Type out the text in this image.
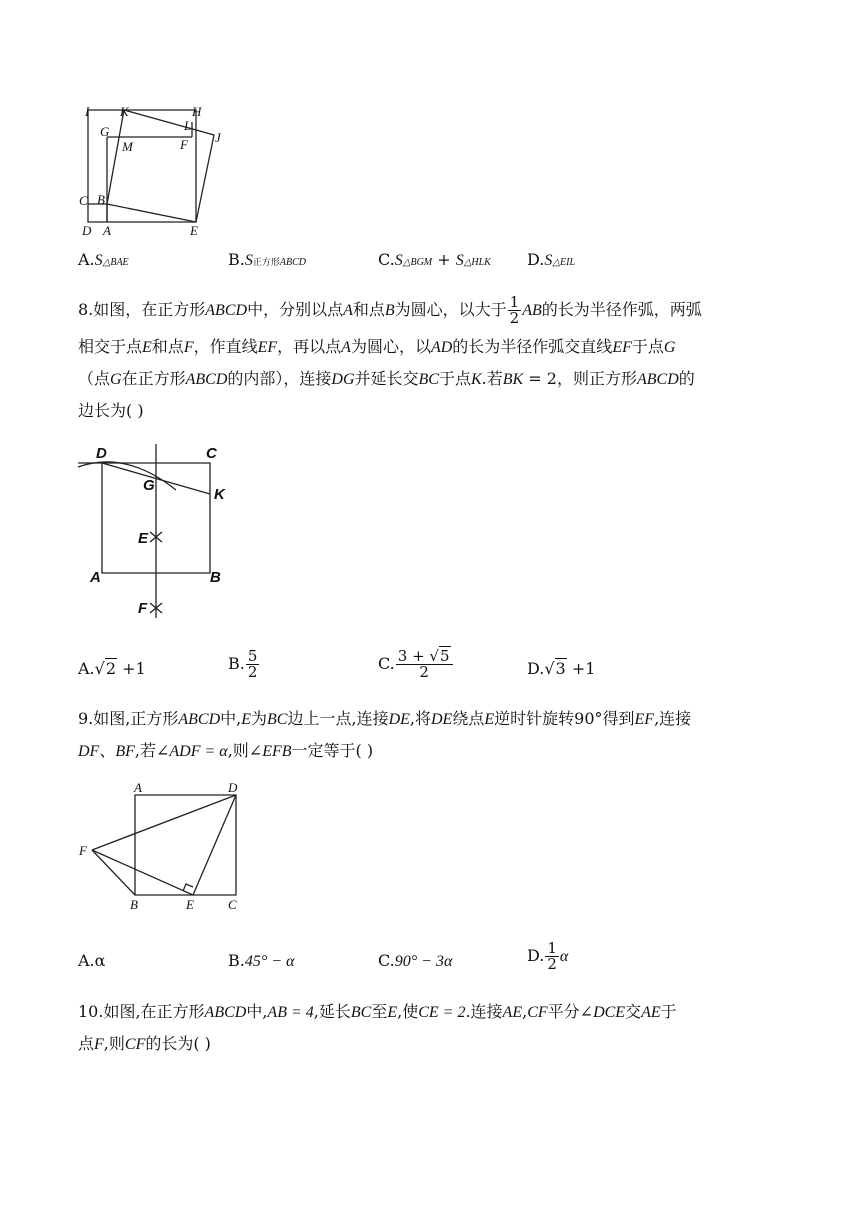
I K	H
G	L
J
M	F
C B
D A	E
A.S△BAE	B.S正方形ABCD	C.S△BGM + S△HLK D.S△EIL
8.如图，在正方形ABCD中，分别以点A和点B为圆心，以大于 $\frac{1}{2}$ AB的长为半径作弧，两弧
相交于点E和点F，作直线EF，再以点A为圆心，以AD的长为半径作弧交直线EF于点G
（点G在正方形ABCD的内部），连接DG并延长交BC于点K.若BK = 2，则正方形ABCD的
边长为( )
D	C
G
K
E
A	B
F
A.√2 +1	B. $\frac{5}{2}$	C. $\frac{3 + √5}{2}$	D.√3 +1
9.如图,正方形ABCD中,E为BC边上一点,连接DE,将DE绕点E逆时针旋转90°得到EF,连接
DF、BF,若∠ADF = α,则∠EFB一定等于( )
A	D
F
B	E	C
A.α	B.45° − α	C.90° − 3α	D. $\frac{1}{2}$ α
10.如图,在正方形ABCD中,AB = 4,延长BC至E,使CE = 2.连接AE,CF平分∠DCE交AE于
点F,则CF的长为( )
